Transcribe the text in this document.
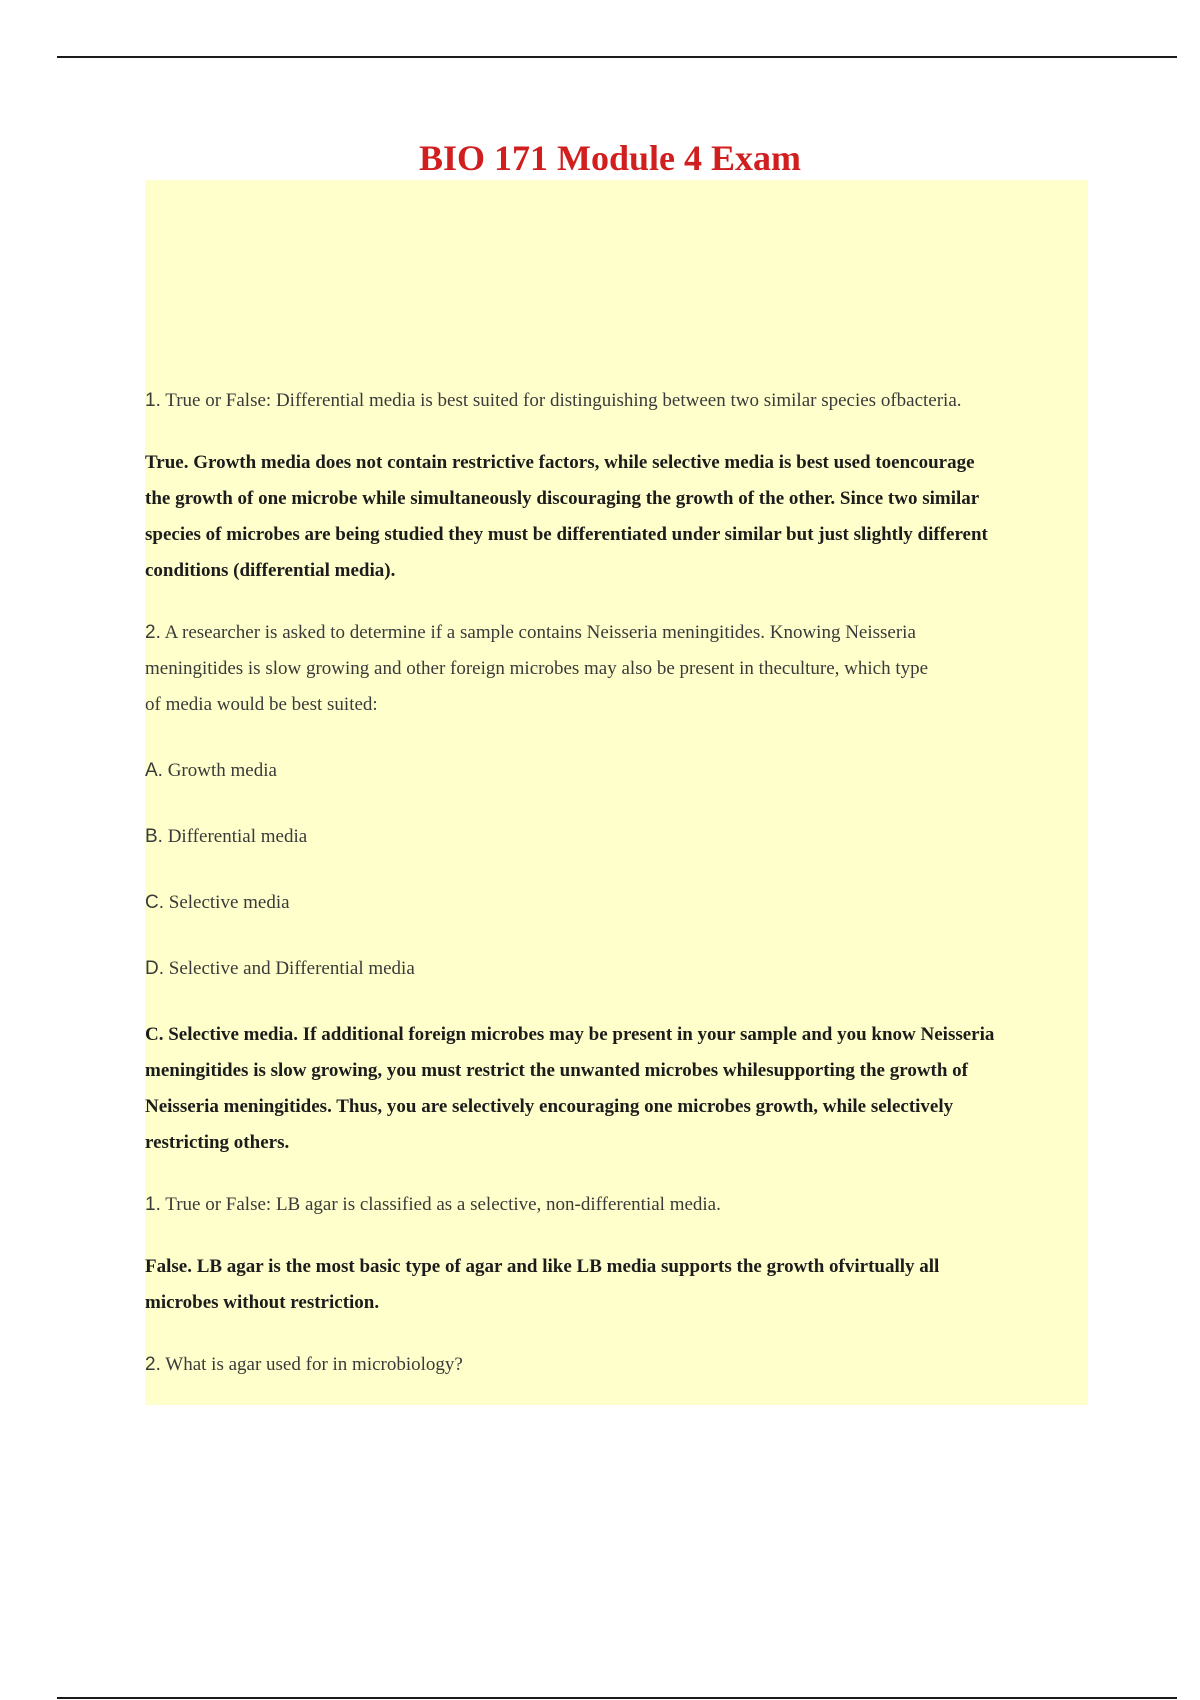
BIO 171 Module 4 Exam

1. True or False: Differential media is best suited for distinguishing between two similar species ofbacteria.

True. Growth media does not contain restrictive factors, while selective media is best used toencourage

the growth of one microbe while simultaneously discouraging the growth of the other. Since two similar

species of microbes are being studied they must be differentiated under similar but just slightly different

conditions (differential media).

2. A researcher is asked to determine if a sample contains Neisseria meningitides. Knowing Neisseria

meningitides is slow growing and other foreign microbes may also be present in theculture, which type

of media would be best suited:

A. Growth media

B. Differential media

C. Selective media

D. Selective and Differential media

C. Selective media. If additional foreign microbes may be present in your sample and you know Neisseria

meningitides is slow growing, you must restrict the unwanted microbes whilesupporting the growth of

Neisseria meningitides. Thus, you are selectively encouraging one microbes growth, while selectively

restricting others.

1. True or False: LB agar is classified as a selective, non-differential media.

False. LB agar is the most basic type of agar and like LB media supports the growth ofvirtually all

microbes without restriction.

2. What is agar used for in microbiology?
